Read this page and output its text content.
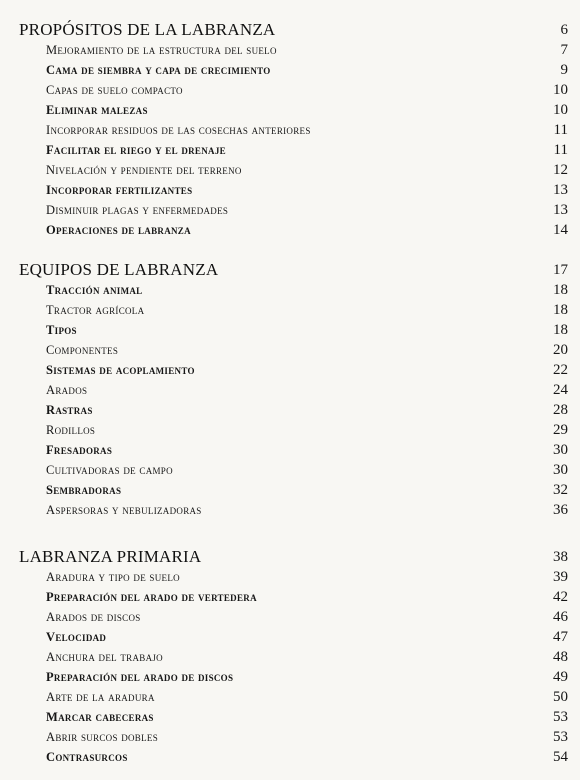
PROPÓSITOS DE LA LABRANZA	6
Mejoramiento de la estructura del suelo	7
Cama de siembra y capa de crecimiento	9
Capas de suelo compacto	10
Eliminar malezas	10
Incorporar residuos de las cosechas anteriores	11
Facilitar el riego y el drenaje	11
Nivelación y pendiente del terreno	12
Incorporar fertilizantes	13
Disminuir plagas y enfermedades	13
Operaciones de labranza	14
EQUIPOS DE LABRANZA	17
Tracción animal	18
Tractor agrícola	18
Tipos	18
Componentes	20
Sistemas de acoplamiento	22
Arados	24
Rastras	28
Rodillos	29
Fresadoras	30
Cultivadoras de campo	30
Sembradoras	32
Aspersoras y nebulizadoras	36
LABRANZA PRIMARIA	38
Aradura y tipo de suelo	39
Preparación del arado de vertedera	42
Arados de discos	46
Velocidad	47
Anchura del trabajo	48
Preparación del arado de discos	49
Arte de la aradura	50
Marcar cabeceras	53
Abrir surcos dobles	53
Contrasurcos	54
